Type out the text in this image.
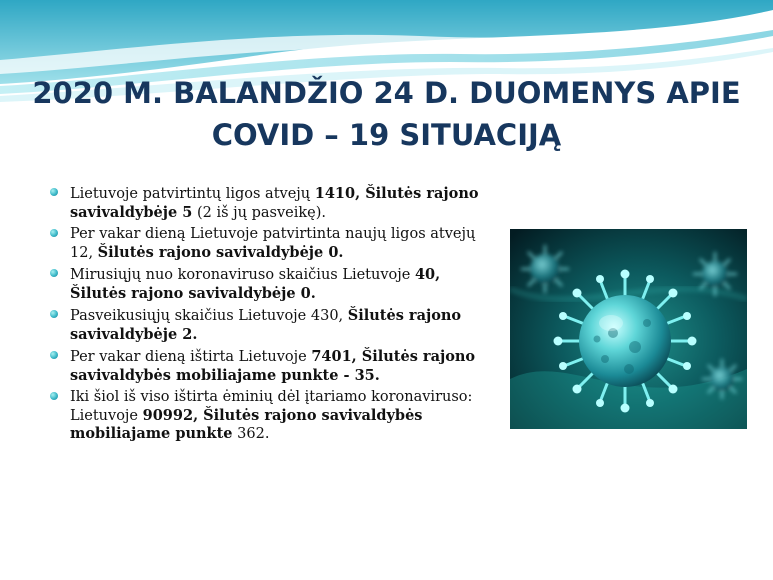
2020 M. BALANDŽIO 24 D. DUOMENYS APIE COVID – 19 SITUACIJĄ
Lietuvoje patvirtintų ligos atvejų 1410, Šilutės rajono savivaldybėje 5 (2 iš jų pasveikę).
Per vakar dieną Lietuvoje patvirtinta naujų ligos atvejų 12, Šilutės rajono savivaldybėje 0.
Mirusiųjų nuo koronaviruso skaičius Lietuvoje 40, Šilutės rajono savivaldybėje 0.
Pasveikusiųjų skaičius Lietuvoje 430, Šilutės rajono savivaldybėje 2.
Per vakar dieną ištirta Lietuvoje 7401, Šilutės rajono savivaldybės mobiliajame punkte - 35.
Iki šiol iš viso ištirta ėminių dėl įtariamo koronaviruso: Lietuvoje 90992, Šilutės rajono savivaldybės mobiliajame punkte 362.
